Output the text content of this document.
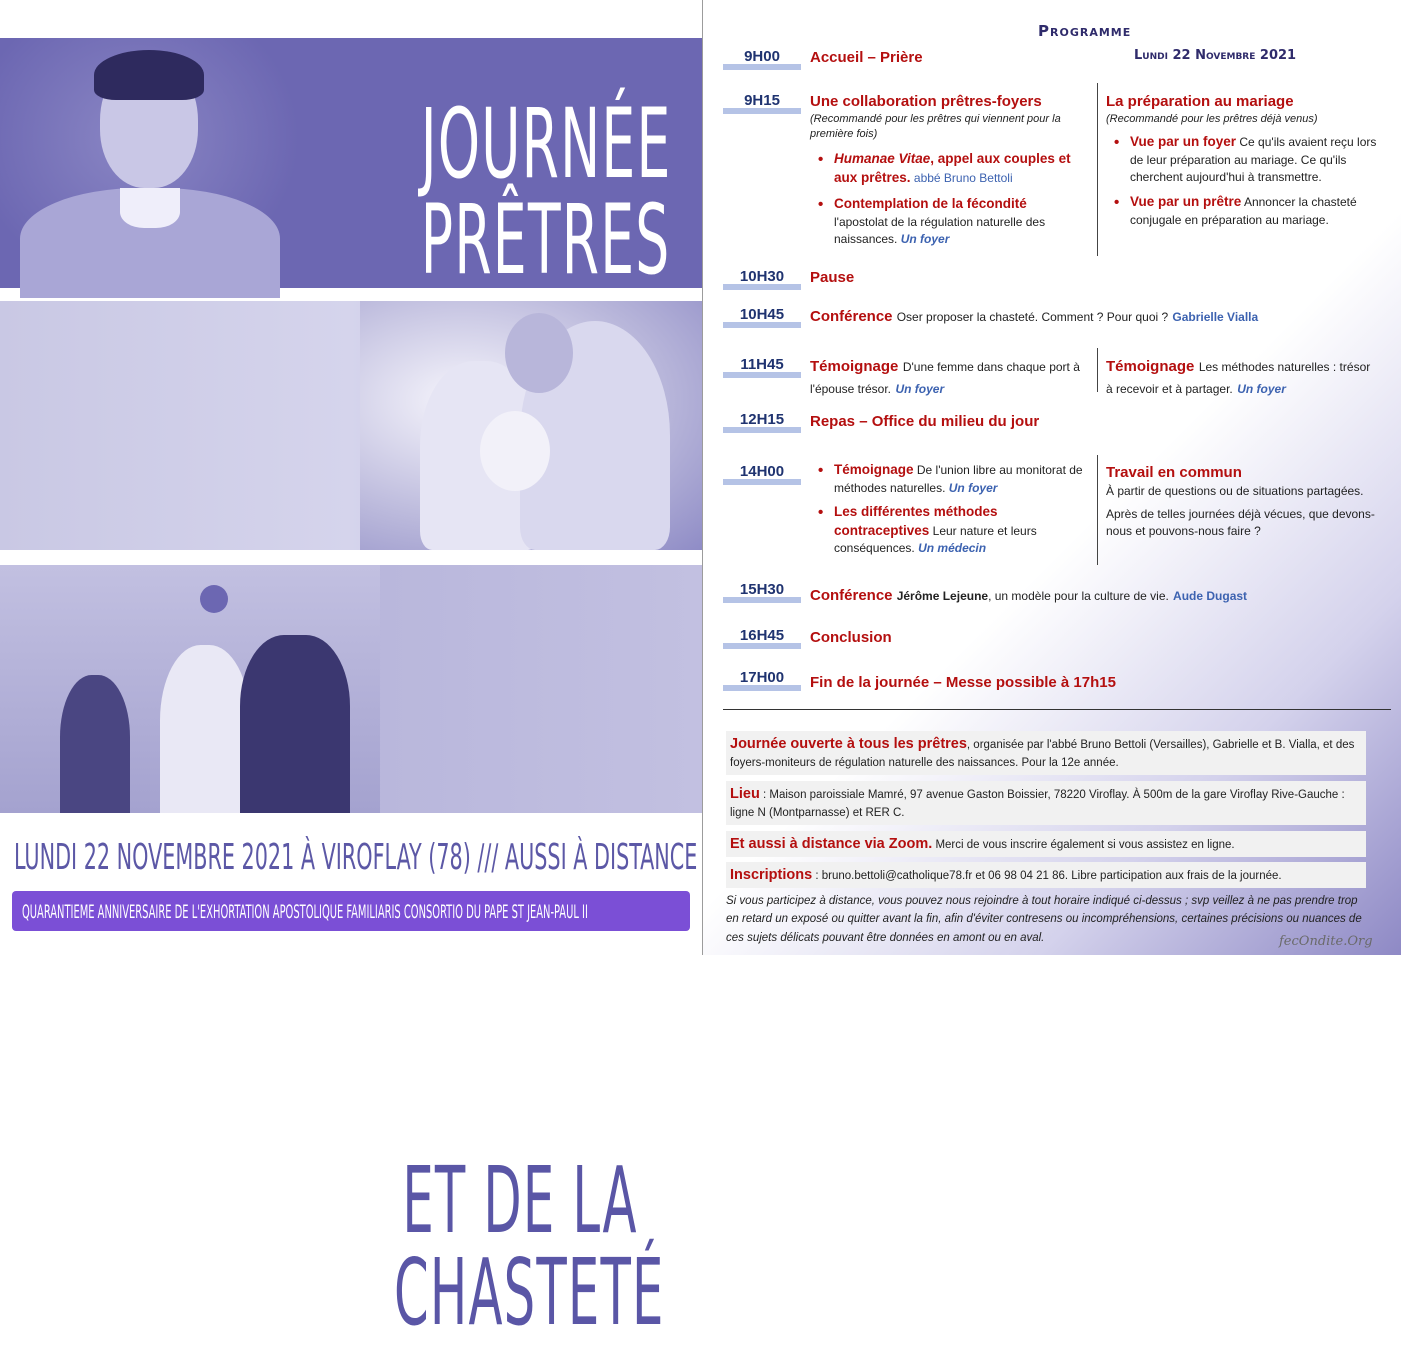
JOURNÉE
PRÊTRES
ET DE LA
CHASTETÉ
LUNDI 22 NOVEMBRE 2021 À VIROFLAY (78) /// AUSSI À DISTANCE
QUARANTIEME ANNIVERSAIRE DE L'EXHORTATION APOSTOLIQUE FAMILIARIS CONSORTIO DU PAPE ST JEAN-PAUL II
Programme
Lundi 22 Novembre 2021
9H00
9H15
10H30
10H45
11H45
12H15
14H00
15H30
16H45
17H00
Accueil – Prière
Une collaboration prêtres-foyers
(Recommandé pour les prêtres qui viennent pour la première fois)
• Humanae Vitae, appel aux couples et aux prêtres. abbé Bruno Bettoli
• Contemplation de la fécondité
l'apostolat de la régulation naturelle des naissances. Un foyer
La préparation au mariage
(Recommandé pour les prêtres déjà venus)
• Vue par un foyer Ce qu'ils avaient reçu lors de leur préparation au mariage. Ce qu'ils cherchent aujourd'hui à transmettre.
• Vue par un prêtre Annoncer la chasteté conjugale en préparation au mariage.
Pause
Conférence Oser proposer la chasteté. Comment ? Pour quoi ? Gabrielle Vialla
Témoignage D'une femme dans chaque port à l'épouse trésor. Un foyer
Témoignage Les méthodes naturelles : trésor à recevoir et à partager. Un foyer
Repas – Office du milieu du jour
• Témoignage De l'union libre au monitorat de méthodes naturelles. Un foyer
• Les différentes méthodes contraceptives Leur nature et leurs conséquences. Un médecin
Travail en commun
À partir de questions ou de situations partagées.
Après de telles journées déjà vécues, que devons-nous et pouvons-nous faire ?
Conférence Jérôme Lejeune, un modèle pour la culture de vie. Aude Dugast
Conclusion
Fin de la journée – Messe possible à 17h15
Journée ouverte à tous les prêtres, organisée par l'abbé Bruno Bettoli (Versailles), Gabrielle et B. Vialla, et des foyers-moniteurs de régulation naturelle des naissances. Pour la 12e année.
Lieu : Maison paroissiale Mamré, 97 avenue Gaston Boissier, 78220 Viroflay. À 500m de la gare Viroflay Rive-Gauche : ligne N (Montparnasse) et RER C.
Et aussi à distance via Zoom. Merci de vous inscrire également si vous assistez en ligne.
Inscriptions : bruno.bettoli@catholique78.fr et 06 98 04 21 86. Libre participation aux frais de la journée.
Si vous participez à distance, vous pouvez nous rejoindre à tout horaire indiqué ci-dessus ; svp veillez à ne pas prendre trop en retard un exposé ou quitter avant la fin, afin d'éviter contresens ou incompréhensions, certaines précisions ou nuances de ces sujets délicats pouvant être données en amont ou en aval.	fecOndite.Org
